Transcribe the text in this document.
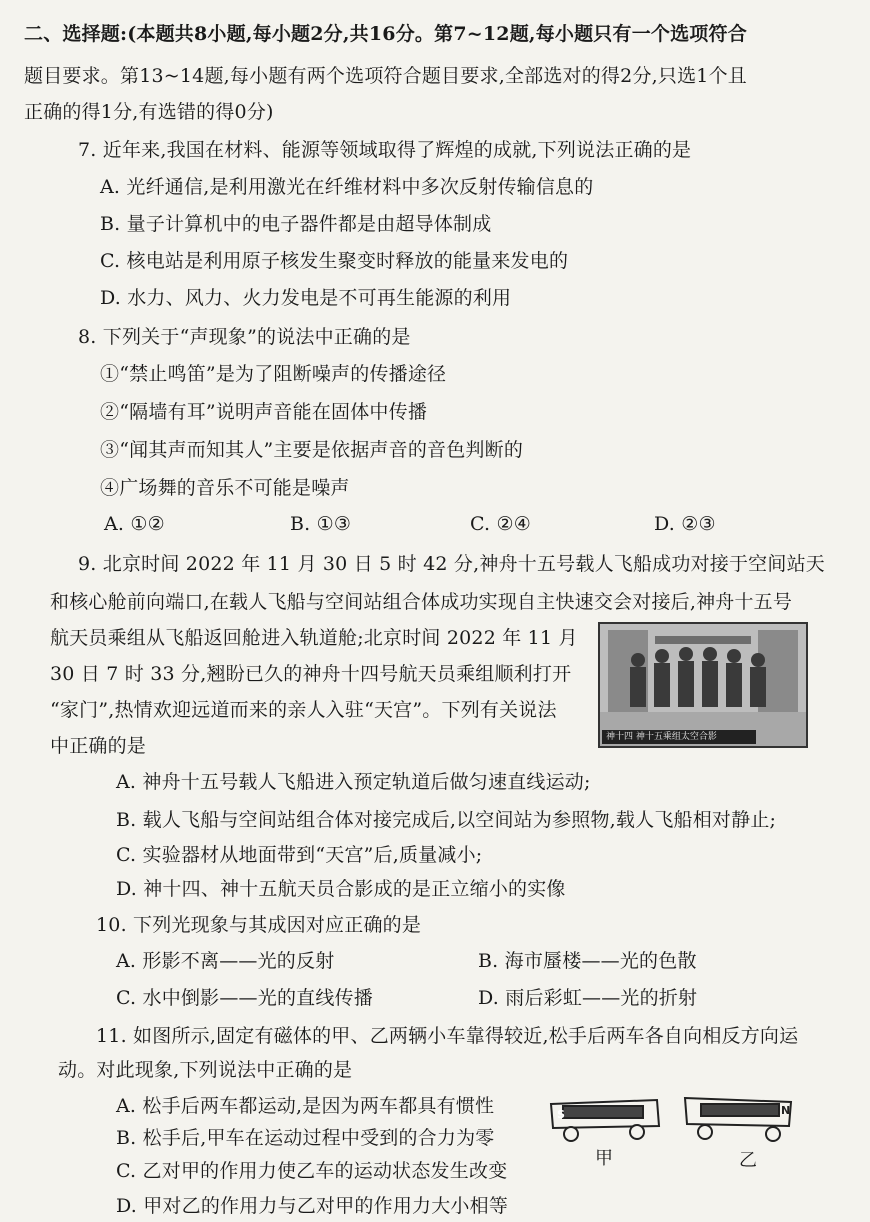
二、选择题:(本题共8小题,每小题2分,共16分。第7~12题,每小题只有一个选项符合
题目要求。第13~14题,每小题有两个选项符合题目要求,全部选对的得2分,只选1个且
正确的得1分,有选错的得0分)
7. 近年来,我国在材料、能源等领域取得了辉煌的成就,下列说法正确的是
A. 光纤通信,是利用激光在纤维材料中多次反射传输信息的
B. 量子计算机中的电子器件都是由超导体制成
C. 核电站是利用原子核发生聚变时释放的能量来发电的
D. 水力、风力、火力发电是不可再生能源的利用
8. 下列关于“声现象”的说法中正确的是
①“禁止鸣笛”是为了阻断噪声的传播途径
②“隔墙有耳”说明声音能在固体中传播
③“闻其声而知其人”主要是依据声音的音色判断的
④广场舞的音乐不可能是噪声
A. ①②	B. ①③	C. ②④	D. ②③
9. 北京时间 2022 年 11 月 30 日 5 时 42 分,神舟十五号载人飞船成功对接于空间站天
和核心舱前向端口,在载人飞船与空间站组合体成功实现自主快速交会对接后,神舟十五号
航天员乘组从飞船返回舱进入轨道舱;北京时间 2022 年 11 月
30 日 7 时 33 分,翘盼已久的神舟十四号航天员乘组顺利打开
“家门”,热情欢迎远道而来的亲人入驻“天宫”。下列有关说法
中正确的是	神十四 神十五乘组太空合影
A. 神舟十五号载人飞船进入预定轨道后做匀速直线运动;
B. 载人飞船与空间站组合体对接完成后,以空间站为参照物,载人飞船相对静止;
C. 实验器材从地面带到“天宫”后,质量减小;
D. 神十四、神十五航天员合影成的是正立缩小的实像
10. 下列光现象与其成因对应正确的是
A. 形影不离——光的反射	B. 海市蜃楼——光的色散
C. 水中倒影——光的直线传播	D. 雨后彩虹——光的折射
11. 如图所示,固定有磁体的甲、乙两辆小车靠得较近,松手后两车各自向相反方向运
动。对此现象,下列说法中正确的是
A. 松手后两车都运动,是因为两车都具有惯性
B. 松手后,甲车在运动过程中受到的合力为零
C. 乙对甲的作用力使乙车的运动状态发生改变
D. 甲对乙的作用力与乙对甲的作用力大小相等
S	N
甲	乙
